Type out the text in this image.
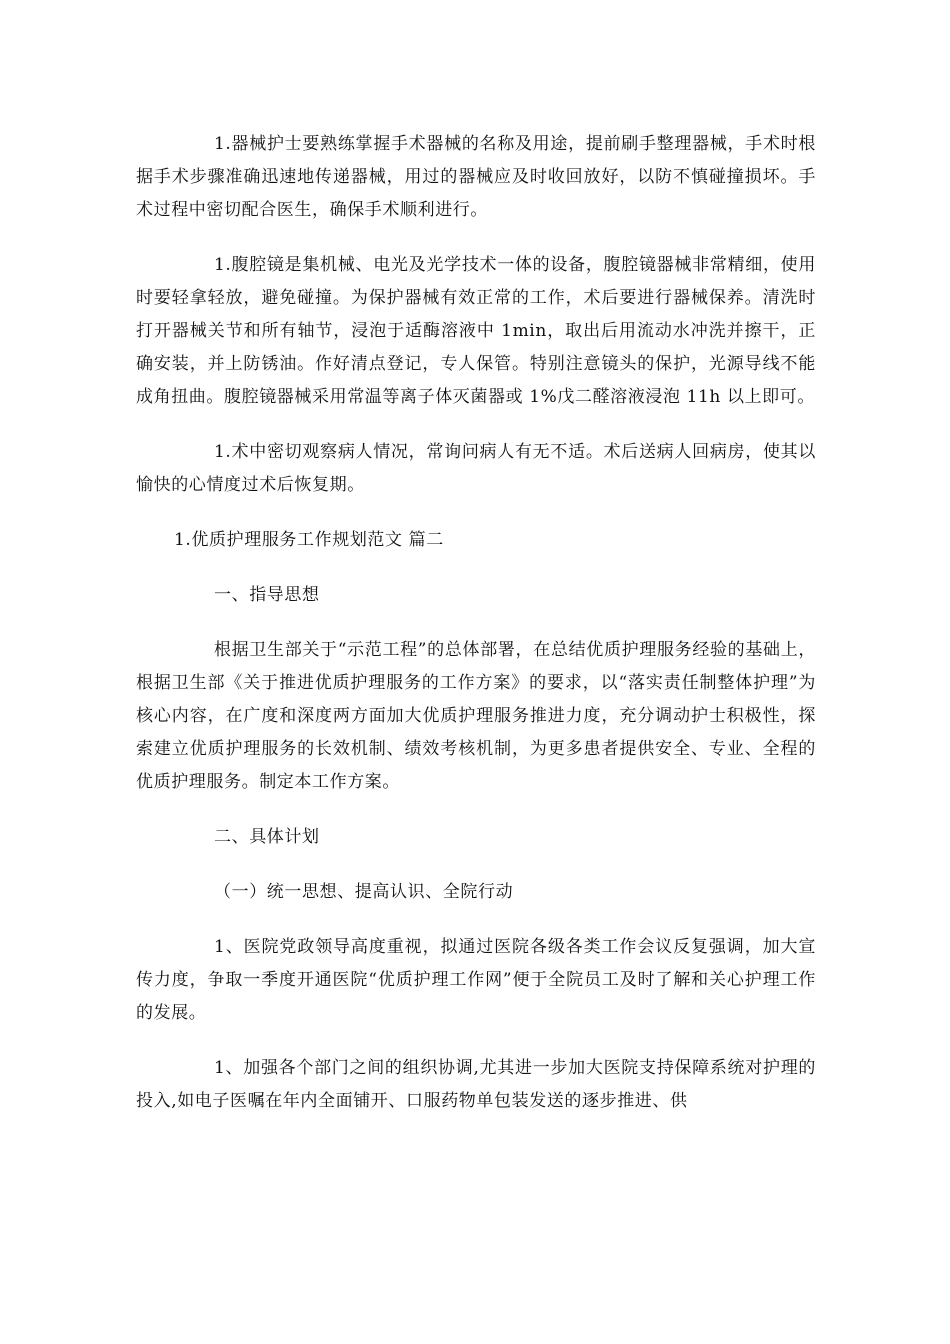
1.器械护士要熟练掌握手术器械的名称及用途，提前刷手整理器械，手术时根据手术步骤准确迅速地传递器械，用过的器械应及时收回放好，以防不慎碰撞损坏。手术过程中密切配合医生，确保手术顺利进行。

1.腹腔镜是集机械、电光及光学技术一体的设备，腹腔镜器械非常精细，使用时要轻拿轻放，避免碰撞。为保护器械有效正常的工作，术后要进行器械保养。清洗时打开器械关节和所有轴节，浸泡于适酶溶液中 1min，取出后用流动水冲洗并擦干，正确安装，并上防锈油。作好清点登记，专人保管。特别注意镜头的保护，光源导线不能成角扭曲。腹腔镜器械采用常温等离子体灭菌器或 1%戊二醛溶液浸泡 11h 以上即可。

1.术中密切观察病人情况，常询问病人有无不适。术后送病人回病房，使其以愉快的心情度过术后恢复期。

1.优质护理服务工作规划范文 篇二

一、指导思想

根据卫生部关于“示范工程”的总体部署，在总结优质护理服务经验的基础上，根据卫生部《关于推进优质护理服务的工作方案》的要求，以“落实责任制整体护理”为核心内容，在广度和深度两方面加大优质护理服务推进力度，充分调动护士积极性，探索建立优质护理服务的长效机制、绩效考核机制，为更多患者提供安全、专业、全程的优质护理服务。制定本工作方案。

二、具体计划

（一）统一思想、提高认识、全院行动

1、医院党政领导高度重视，拟通过医院各级各类工作会议反复强调，加大宣传力度，争取一季度开通医院“优质护理工作网”便于全院员工及时了解和关心护理工作的发展。

1、加强各个部门之间的组织协调,尤其进一步加大医院支持保障系统对护理的投入,如电子医嘱在年内全面铺开、口服药物单包装发送的逐步推进、供
